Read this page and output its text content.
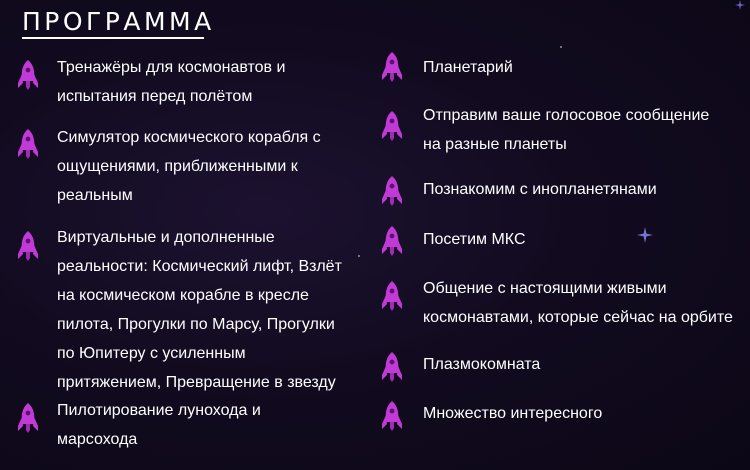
ПРОГРАММА
Тренажёры для космонавтов и
испытания перед полётом
Симулятор космического корабля с
ощущениями, приближенными к
реальным
Виртуальные и дополненные
реальности: Космический лифт, Взлёт
на космическом корабле в кресле
пилота, Прогулки по Марсу, Прогулки
по Юпитеру с усиленным
притяжением, Превращение в звезду
Пилотирование лунохода и
марсохода
Планетарий
Отправим ваше голосовое сообщение
на разные планеты
Познакомим с инопланетянами
Посетим МКС
Общение с настоящими живыми
космонавтами, которые сейчас на орбите
Плазмокомната
Множество интересного
